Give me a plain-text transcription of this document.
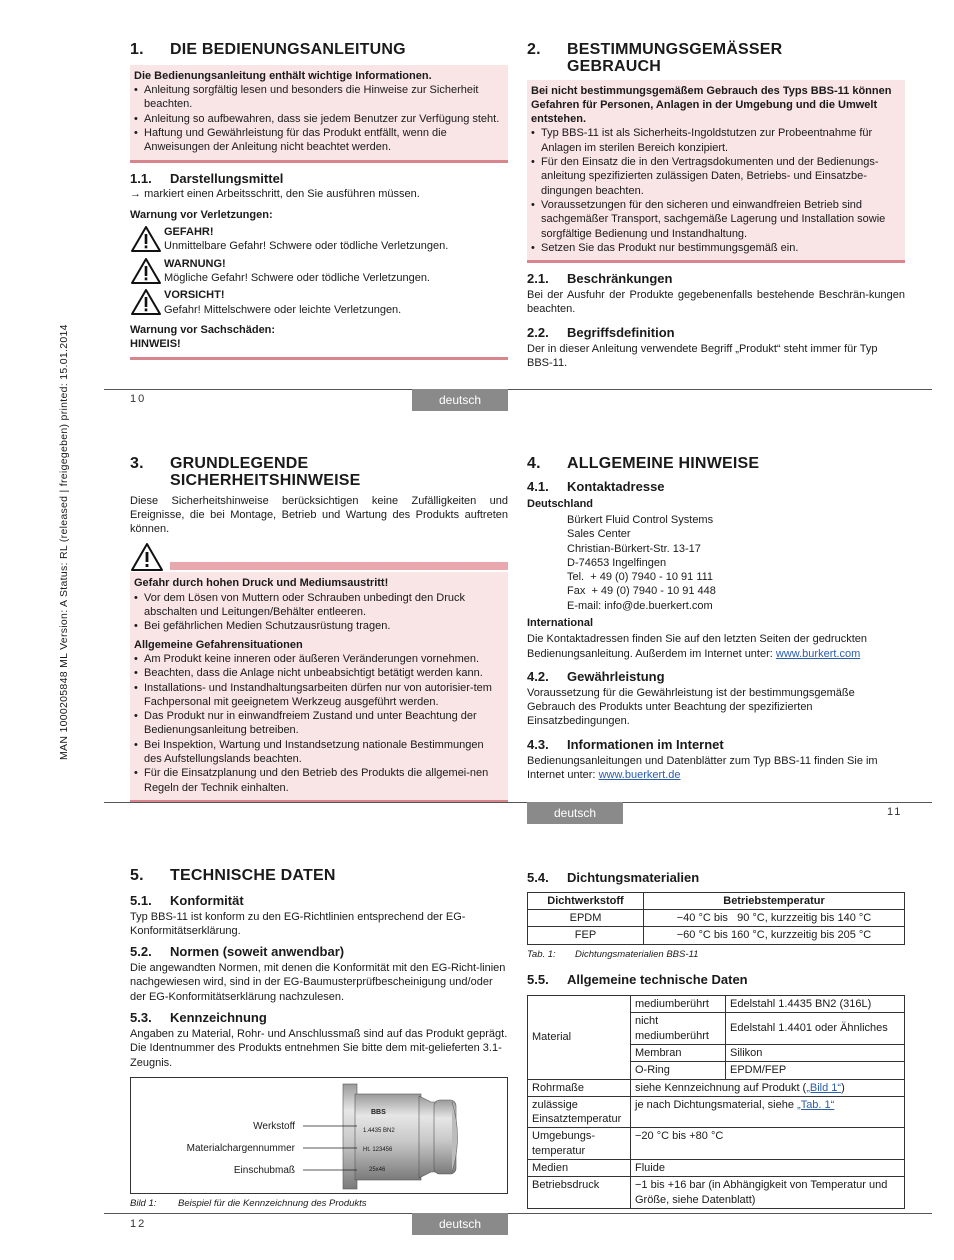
MAN 1000205848 ML Version: A Status: RL (released | freigegeben) printed: 15.01.2014
1.	DIE BEDIENUNGSANLEITUNG
Die Bedienungsanleitung enthält wichtige Informationen.
• Anleitung sorgfältig lesen und besonders die Hinweise zur Sicherheit beachten.
• Anleitung so aufbewahren, dass sie jedem Benutzer zur Verfügung steht.
• Haftung und Gewährleistung für das Produkt entfällt, wenn die Anweisungen der Anleitung nicht beachtet werden.
1.1.	Darstellungsmittel
→ markiert einen Arbeitsschritt, den Sie ausführen müssen.
Warnung vor Verletzungen:
GEFAHR!
Unmittelbare Gefahr! Schwere oder tödliche Verletzungen.
WARNUNG!
Mögliche Gefahr! Schwere oder tödliche Verletzungen.
VORSICHT!
Gefahr! Mittelschwere oder leichte Verletzungen.
Warnung vor Sachschäden:
HINWEIS!
2.	BESTIMMUNGSGEMÄSSER GEBRAUCH
Bei nicht bestimmungsgemäßem Gebrauch des Typs BBS-11 können Gefahren für Personen, Anlagen in der Umgebung und die Umwelt entstehen.
• Typ BBS-11 ist als Sicherheits-Ingoldstutzen zur Probeentnahme für Anlagen im sterilen Bereich konzipiert.
• Für den Einsatz die in den Vertragsdokumenten und der Bedienungs-anleitung spezifizierten zulässigen Daten, Betriebs- und Einsatzbe-dingungen beachten.
• Voraussetzungen für den sicheren und einwandfreien Betrieb sind sachgemäßer Transport, sachgemäße Lagerung und Installation sowie sorgfältige Bedienung und Instandhaltung.
• Setzen Sie das Produkt nur bestimmungsgemäß ein.
2.1.	Beschränkungen
Bei der Ausfuhr der Produkte gegebenenfalls bestehende Beschrän-kungen beachten.
2.2.	Begriffsdefinition
Der in dieser Anleitung verwendete Begriff „Produkt“ steht immer für Typ BBS-11.
10	deutsch
3.	GRUNDLEGENDE SICHERHEITSHINWEISE
Diese Sicherheitshinweise berücksichtigen keine Zufälligkeiten und Ereignisse, die bei Montage, Betrieb und Wartung des Produkts auftreten können.
Gefahr durch hohen Druck und Mediumsaustritt!
• Vor dem Lösen von Muttern oder Schrauben unbedingt den Druck abschalten und Leitungen/Behälter entleeren.
• Bei gefährlichen Medien Schutzausrüstung tragen.
Allgemeine Gefahrensituationen
• Am Produkt keine inneren oder äußeren Veränderungen vornehmen.
• Beachten, dass die Anlage nicht unbeabsichtigt betätigt werden kann.
• Installations- und Instandhaltungsarbeiten dürfen nur von autorisier-tem Fachpersonal mit geeignetem Werkzeug ausgeführt werden.
• Das Produkt nur in einwandfreiem Zustand und unter Beachtung der Bedienungsanleitung betreiben.
• Bei Inspektion, Wartung und Instandsetzung nationale Bestimmungen des Aufstellungslands beachten.
• Für die Einsatzplanung und den Betrieb des Produkts die allgemei-nen Regeln der Technik einhalten.
4.	ALLGEMEINE HINWEISE
4.1.	Kontaktadresse
Deutschland
Bürkert Fluid Control Systems
Sales Center
Christian-Bürkert-Str. 13-17
D-74653 Ingelfingen
Tel.  + 49 (0) 7940 - 10 91 111
Fax  + 49 (0) 7940 - 10 91 448
E-mail: info@de.buerkert.com
International
Die Kontaktadressen finden Sie auf den letzten Seiten der gedruckten Bedienungsanleitung. Außerdem im Internet unter: www.burkert.com
4.2.	Gewährleistung
Voraussetzung für die Gewährleistung ist der bestimmungsgemäße Gebrauch des Produkts unter Beachtung der spezifizierten Einsatzbedingungen.
4.3.	Informationen im Internet
Bedienungsanleitungen und Datenblätter zum Typ BBS-11 finden Sie im Internet unter: www.buerkert.de
deutsch	11
5.	TECHNISCHE DATEN
5.1.	Konformität
Typ BBS-11 ist konform zu den EG-Richtlinien entsprechend der EG-Konformitätserklärung.
5.2.	Normen (soweit anwendbar)
Die angewandten Normen, mit denen die Konformität mit den EG-Richt-linien nachgewiesen wird, sind in der EG-Baumusterprüfbescheinigung und/oder der EG-Konformitätserklärung nachzulesen.
5.3.	Kennzeichnung
Angaben zu Material, Rohr- und Anschlussmaß sind auf das Produkt geprägt. Die Identnummer des Produkts entnehmen Sie bitte dem mit-gelieferten 3.1-Zeugnis.
Werkstoff
Materialchargennummer
Einschubmaß
BBS
1.4435 BN2
Ht. 123456
25x46
Bild 1:	Beispiel für die Kennzeichnung des Produkts
5.4.	Dichtungsmaterialien
Dichtwerkstoff	Betriebstemperatur
EPDM	−40 °C bis   90 °C, kurzzeitig bis 140 °C
FEP	−60 °C bis 160 °C, kurzzeitig bis 205 °C
Tab. 1:	Dichtungsmaterialien BBS-11
5.5.	Allgemeine technische Daten
Material	mediumberührt	Edelstahl 1.4435 BN2 (316L)
	nicht mediumberührt	Edelstahl 1.4401 oder Ähnliches
	Membran	Silikon
	O-Ring	EPDM/FEP
Rohrmaße	siehe Kennzeichnung auf Produkt („Bild 1“)	
zulässige Einsatztemperatur	je nach Dichtungsmaterial, siehe „Tab. 1“	
Umgebungs-temperatur	−20 °C bis +80 °C	
Medien	Fluide	
Betriebsdruck	−1 bis +16 bar (in Abhängigkeit von Temperatur und Größe, siehe Datenblatt)	
12	deutsch
